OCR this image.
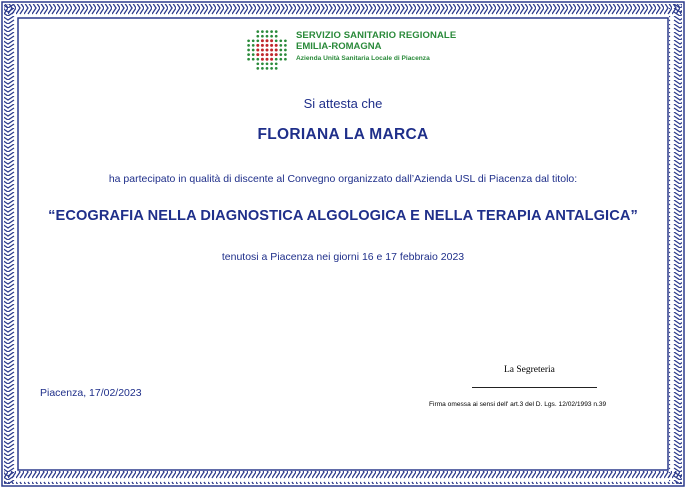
SERVIZIO SANITARIO REGIONALE
EMILIA-ROMAGNA
Azienda Unità Sanitaria Locale di Piacenza
Si attesta che
FLORIANA LA MARCA
ha partecipato in qualità di discente al Convegno organizzato dall’Azienda USL di Piacenza dal titolo:
“ECOGRAFIA NELLA DIAGNOSTICA ALGOLOGICA E NELLA TERAPIA ANTALGICA”
tenutosi a Piacenza nei giorni 16 e 17 febbraio 2023
Piacenza, 17/02/2023
La Segreteria
Firma omessa ai sensi dell' art.3 del D. Lgs. 12/02/1993 n.39
